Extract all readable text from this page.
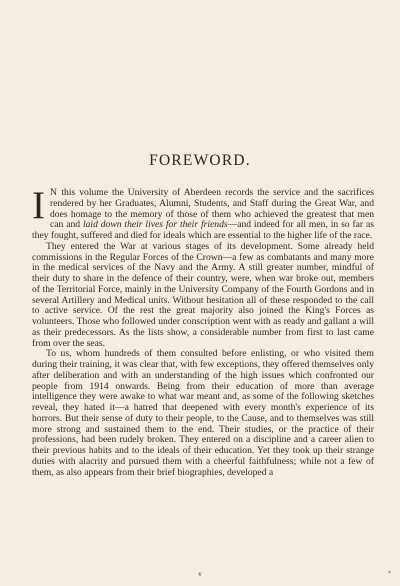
FOREWORD.

I N this volume the University of Aberdeen records the service and the sacrifices rendered by her Graduates, Alumni, Students, and Staff during the Great War, and does homage to the memory of those of them who achieved the greatest that men can and laid down their lives for their friends—and indeed for all men, in so far as they fought, suffered and died for ideals which are essential to the higher life of the race.

They entered the War at various stages of its development. Some already held commissions in the Regular Forces of the Crown—a few as combatants and many more in the medical services of the Navy and the Army. A still greater number, mindful of their duty to share in the defence of their country, were, when war broke out, members of the Territorial Force, mainly in the University Company of the Fourth Gordons and in several Artillery and Medical units. Without hesitation all of these responded to the call to active service. Of the rest the great majority also joined the King's Forces as volunteers. Those who followed under conscription went with as ready and gallant a will as their predecessors. As the lists show, a considerable number from first to last came from over the seas.

To us, whom hundreds of them consulted before enlisting, or who visited them during their training, it was clear that, with few exceptions, they offered themselves only after deliberation and with an understanding of the high issues which confronted our people from 1914 onwards. Being from their education of more than average intelligence they were awake to what war meant and, as some of the following sketches reveal, they hated it—a hatred that deepened with every month's experience of its horrors. But their sense of duty to their people, to the Cause, and to themselves was still more strong and sustained them to the end. Their studies, or the practice of their professions, had been rudely broken. They entered on a discipline and a career alien to their previous habits and to the ideals of their education. Yet they took up their strange duties with alacrity and pursued them with a cheerful faithfulness; while not a few of them, as also appears from their brief biographies, developed a

v	*
